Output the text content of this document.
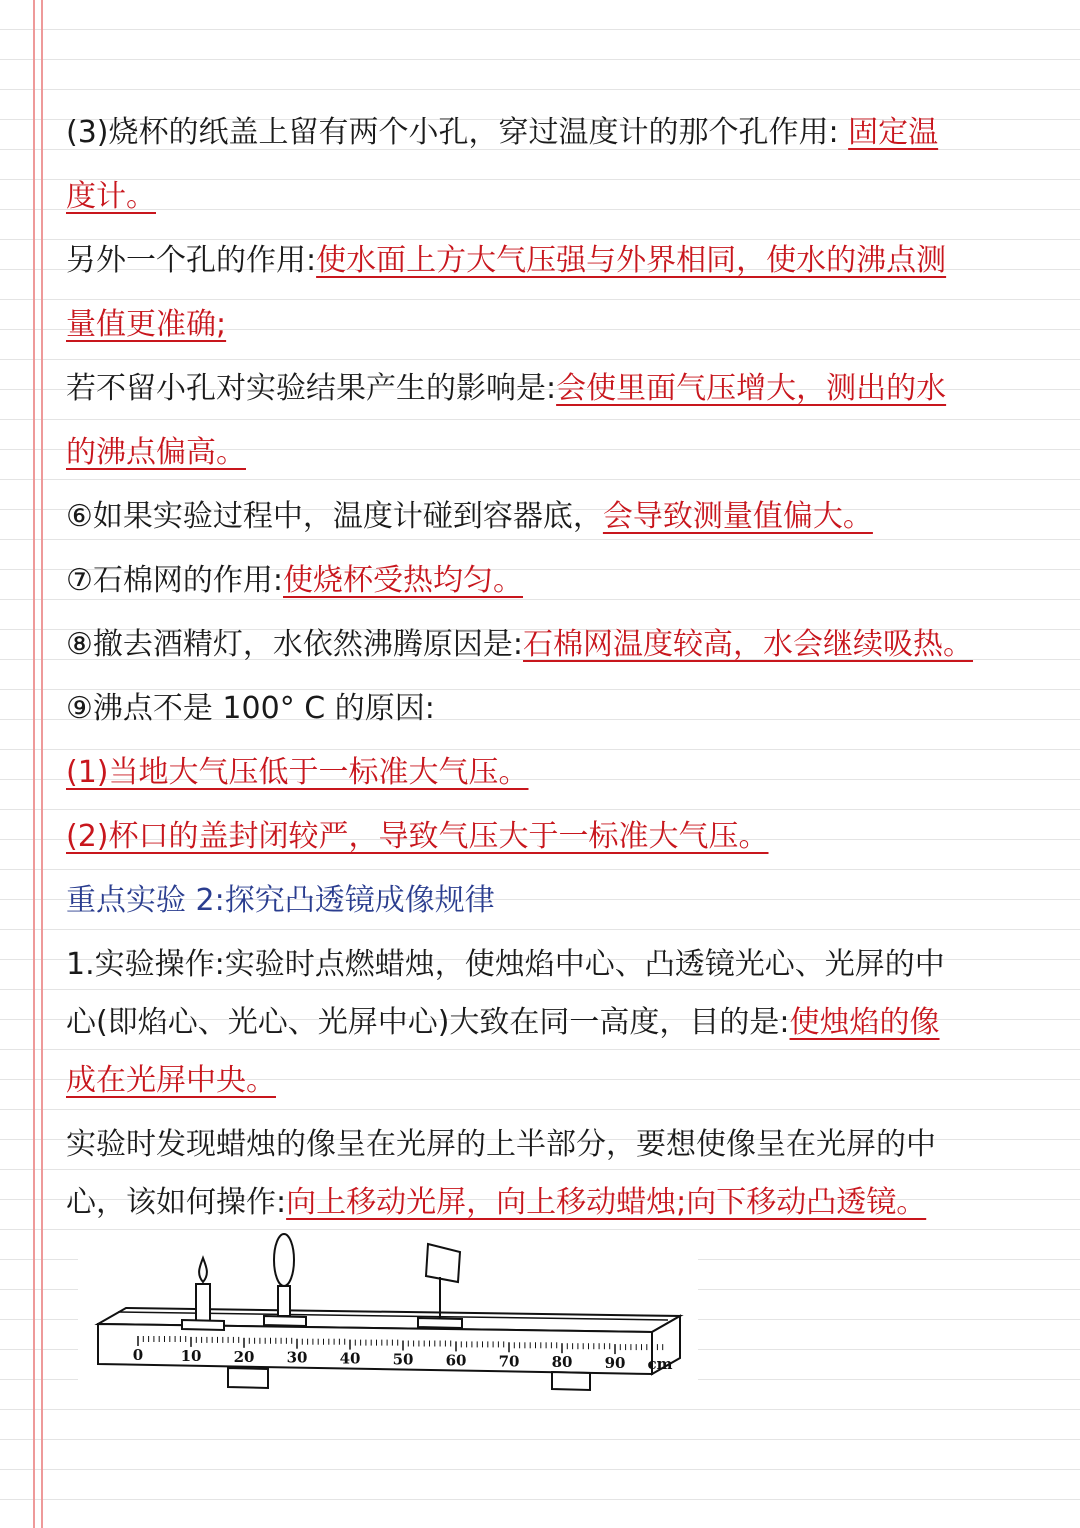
(3)烧杯的纸盖上留有两个小孔，穿过温度计的那个孔作用: 固定温
度计。
另外一个孔的作用:使水面上方大气压强与外界相同，使水的沸点测
量值更准确;
若不留小孔对实验结果产生的影响是:会使里面气压增大，测出的水
的沸点偏高。
⑥如果实验过程中，温度计碰到容器底，会导致测量值偏大。
⑦石棉网的作用:使烧杯受热均匀。
⑧撤去酒精灯，水依然沸腾原因是:石棉网温度较高，水会继续吸热。
⑨沸点不是 100° C 的原因:
(1)当地大气压低于一标准大气压。
(2)杯口的盖封闭较严，导致气压大于一标准大气压。
重点实验 2:探究凸透镜成像规律
1.实验操作:实验时点燃蜡烛，使烛焰中心、凸透镜光心、光屏的中
心(即焰心、光心、光屏中心)大致在同一高度，目的是:使烛焰的像
成在光屏中央。
实验时发现蜡烛的像呈在光屏的上半部分，要想使像呈在光屏的中
心，该如何操作:向上移动光屏，向上移动蜡烛;向下移动凸透镜。
0 10 20 30 40 50 60 70 80 90 cm
